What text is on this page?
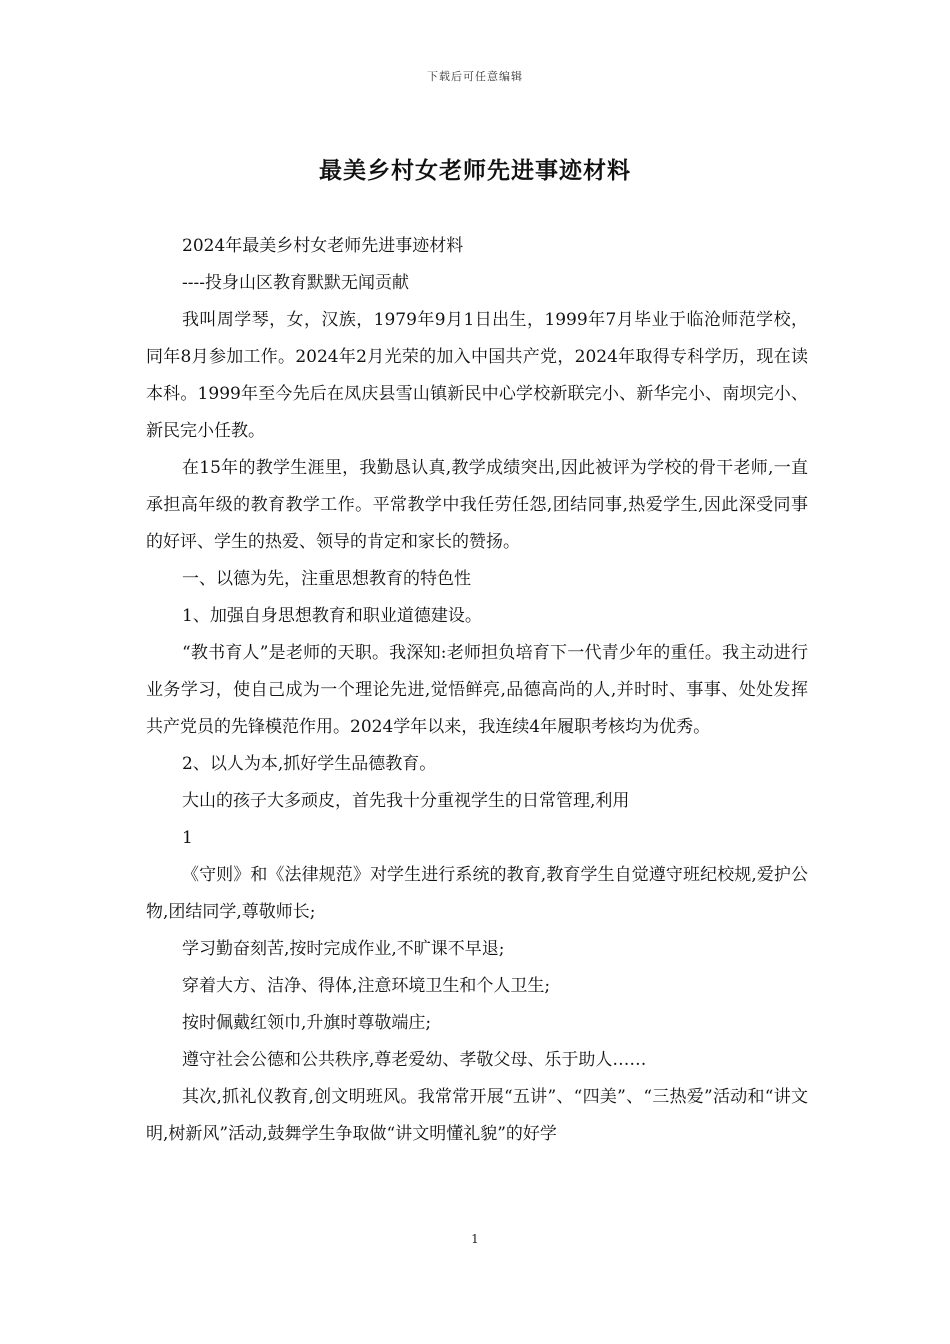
下载后可任意编辑
最美乡村女老师先进事迹材料

2024年最美乡村女老师先进事迹材料

----投身山区教育默默无闻贡献

我叫周学琴，女，汉族，1979年9月1日出生，1999年7月毕业于临沧师范学校，同年8月参加工作。2024年2月光荣的加入中国共产党，2024年取得专科学历，现在读本科。1999年至今先后在凤庆县雪山镇新民中心学校新联完小、新华完小、南坝完小、新民完小任教。

在15年的教学生涯里，我勤恳认真,教学成绩突出,因此被评为学校的骨干老师,一直承担高年级的教育教学工作。平常教学中我任劳任怨,团结同事,热爱学生,因此深受同事的好评、学生的热爱、领导的肯定和家长的赞扬。

一、以德为先，注重思想教育的特色性

1、加强自身思想教育和职业道德建设。

“教书育人”是老师的天职。我深知:老师担负培育下一代青少年的重任。我主动进行业务学习，使自己成为一个理论先进,觉悟鲜亮,品德高尚的人,并时时、事事、处处发挥共产党员的先锋模范作用。2024学年以来，我连续4年履职考核均为优秀。

2、以人为本,抓好学生品德教育。

大山的孩子大多顽皮，首先我十分重视学生的日常管理,利用

1

《守则》和《法律规范》对学生进行系统的教育,教育学生自觉遵守班纪校规,爱护公物,团结同学,尊敬师长;

学习勤奋刻苦,按时完成作业,不旷课不早退;

穿着大方、洁净、得体,注意环境卫生和个人卫生;

按时佩戴红领巾,升旗时尊敬端庄;

遵守社会公德和公共秩序,尊老爱幼、孝敬父母、乐于助人……

其次,抓礼仪教育,创文明班风。我常常开展“五讲”、“四美”、“三热爱”活动和“讲文明,树新风”活动,鼓舞学生争取做“讲文明懂礼貌”的好学

1
